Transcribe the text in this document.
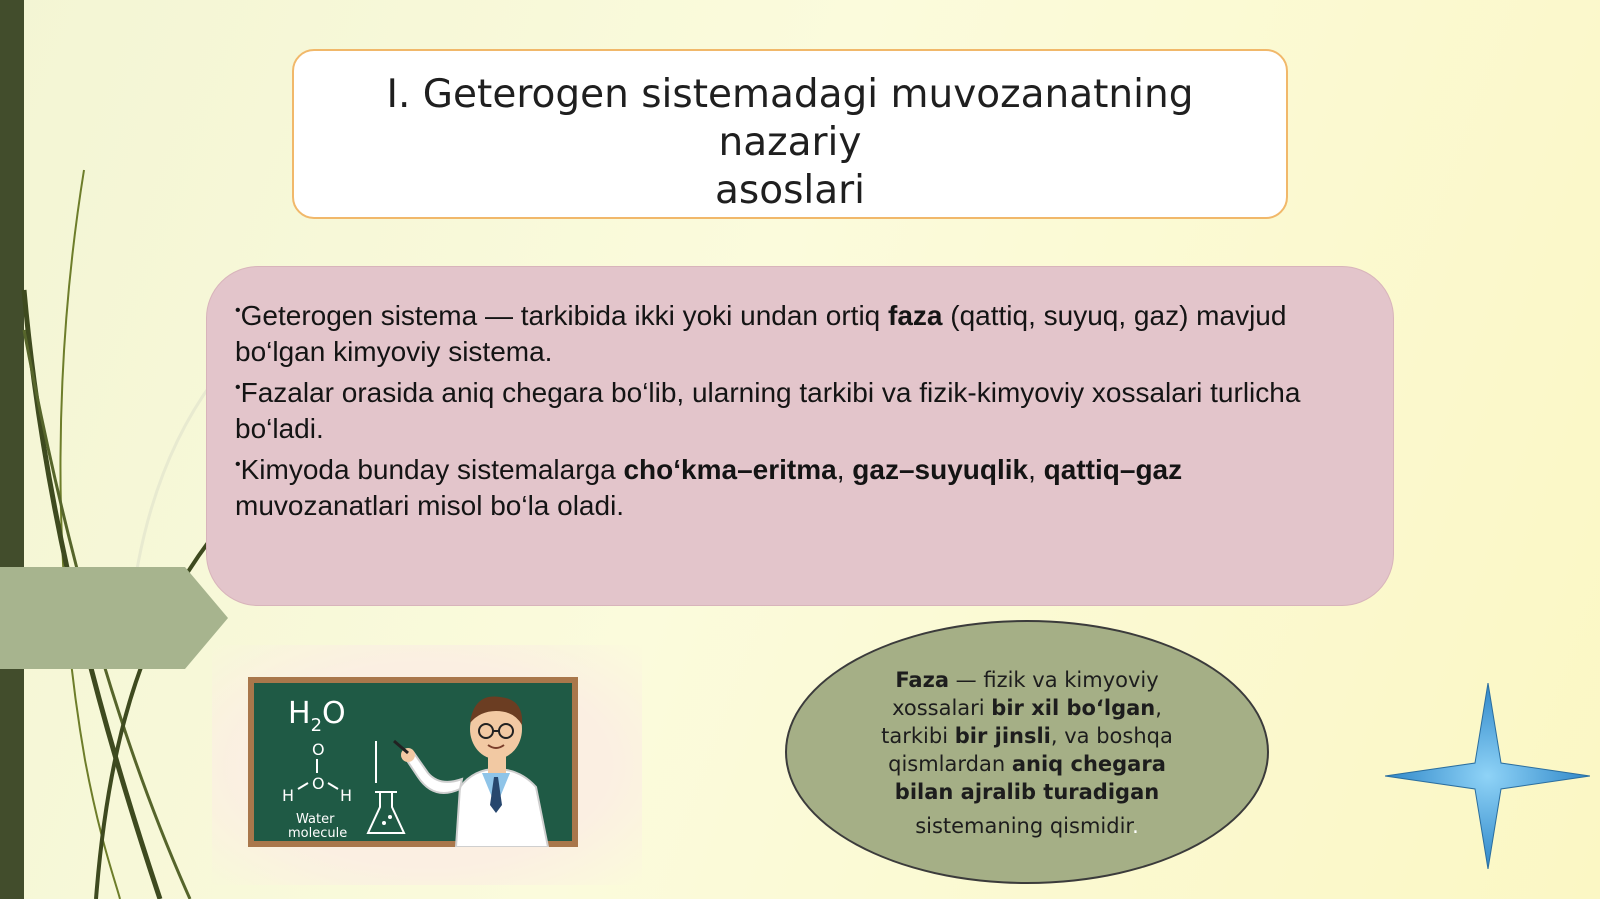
I. Geterogen sistemadagi muvozanatning nazariy
asoslari

•Geterogen sistema — tarkibida ikki yoki undan ortiq faza (qattiq, suyuq, gaz) mavjud bo‘lgan kimyoviy sistema.

•Fazalar orasida aniq chegara bo‘lib, ularning tarkibi va fizik-kimyoviy xossalari turlicha bo‘ladi.

•Kimyoda bunday sistemalarga cho‘kma–eritma, gaz–suyuqlik, qattiq–gaz muvozanatlari misol bo‘la oladi.

$H_2O$
O
O
H	H
Water
molecule
Faza — fizik va kimyoviy
xossalari bir xil bo‘lgan,
tarkibi bir jinsli, va boshqa
qismlardan aniq chegara
bilan ajralib turadigan
sistemaning qismidir.
